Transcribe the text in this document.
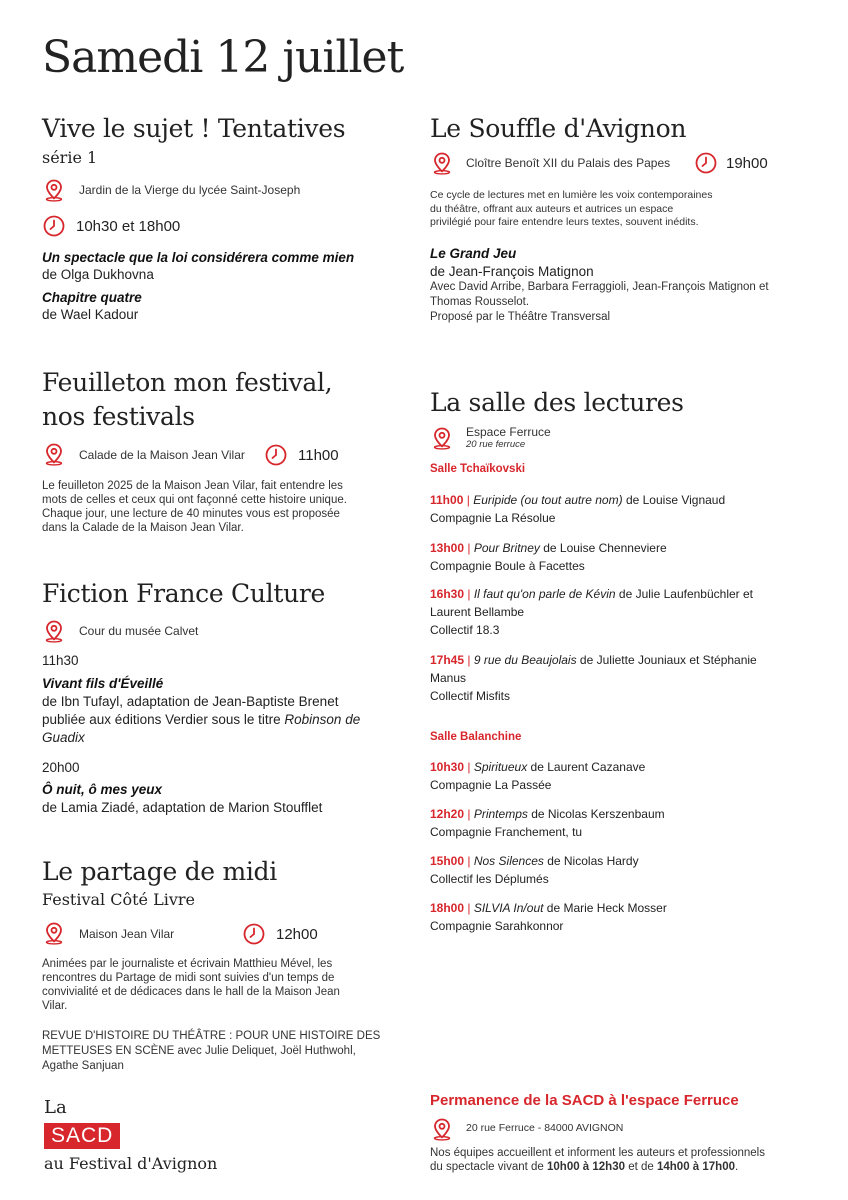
Samedi 12 juillet
Vive le sujet ! Tentatives
série 1
Jardin de la Vierge du lycée Saint-Joseph
10h30 et 18h00
Un spectacle que la loi considérera comme mien
de Olga Dukhovna
Chapitre quatre
de Wael Kadour
Feuilleton mon festival,
nos festivals
Calade de la Maison Jean Vilar	11h00
Le feuilleton 2025 de la Maison Jean Vilar, fait entendre les
mots de celles et ceux qui ont façonné cette histoire unique.
Chaque jour, une lecture de 40 minutes vous est proposée
dans la Calade de la Maison Jean Vilar.
Fiction France Culture
Cour du musée Calvet
11h30
Vivant fils d'Éveillé
de Ibn Tufayl, adaptation de Jean-Baptiste Brenet
publiée aux éditions Verdier sous le titre Robinson de
Guadix
20h00
Ô nuit, ô mes yeux
de Lamia Ziadé, adaptation de Marion Stoufflet
Le partage de midi
Festival Côté Livre
Maison Jean Vilar	12h00
Animées par le journaliste et écrivain Matthieu Mével, les
rencontres du Partage de midi sont suivies d'un temps de
convivialité et de dédicaces dans le hall de la Maison Jean
Vilar.
REVUE D'HISTOIRE DU THÉÂTRE : POUR UNE HISTOIRE DES
METTEUSES EN SCÈNE avec Julie Deliquet, Joël Huthwohl,
Agathe Sanjuan
La
SACD
au Festival d'Avignon
Le Souffle d'Avignon
Cloître Benoît XII du Palais des Papes	19h00
Ce cycle de lectures met en lumière les voix contemporaines
du théâtre, offrant aux auteurs et autrices un espace
privilégié pour faire entendre leurs textes, souvent inédits.
Le Grand Jeu
de Jean-François Matignon
Avec David Arribe, Barbara Ferraggioli, Jean-François Matignon et
Thomas Rousselot.
Proposé par le Théâtre Transversal
La salle des lectures
Espace Ferruce
20 rue ferruce
Salle Tchaïkovski
11h00 | Euripide (ou tout autre nom) de Louise Vignaud
Compagnie La Résolue
13h00 | Pour Britney de Louise Chenneviere
Compagnie Boule à Facettes
16h30 | Il faut qu'on parle de Kévin de Julie Laufenbüchler et
Laurent Bellambe
Collectif 18.3
17h45 | 9 rue du Beaujolais de Juliette Jouniaux et Stéphanie
Manus
Collectif Misfits
Salle Balanchine
10h30 | Spiritueux de Laurent Cazanave
Compagnie La Passée
12h20 | Printemps de Nicolas Kerszenbaum
Compagnie Franchement, tu
15h00 | Nos Silences de Nicolas Hardy
Collectif les Déplumés
18h00 | SILVIA In/out de Marie Heck Mosser
Compagnie Sarahkonnor
Permanence de la SACD à l'espace Ferruce
20 rue Ferruce - 84000 AVIGNON
Nos équipes accueillent et informent les auteurs et professionnels
du spectacle vivant de 10h00 à 12h30 et de 14h00 à 17h00.
